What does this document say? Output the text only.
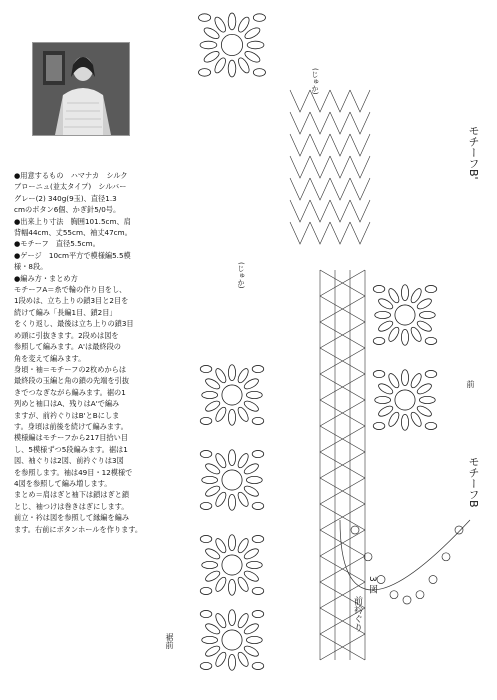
●用意するもの　ハマナカ　シルク

ブローニュ(並太タイプ)　シルバー

グレー(2) 340g(9玉)、直径1.3

cmのボタン6個、かぎ針5/0号。

●出来上り寸法　胸囲101.5cm、肩

背幅44cm、丈55cm、袖丈47cm。

●モチーフ　直径5.5cm。

●ゲージ　10cm平方で模様編5.5模

様・8段。

●編み方・まとめ方

モチーフA＝糸で輪の作り目をし、

1段めは、立ち上りの鎖3目と2目を

続けて編み「長編1目、鎖2目」

をくり返し、最後は立ち上りの鎖3目

め頭に引抜きます。2段めは図を

参照して編みます。A'は最終段の

角を変えて編みます。

身頃・袖＝モチーフの2枚めからは

最終段の玉編と角の鎖の先端を引抜

きでつなぎながら編みます。裾の1

列めと袖口はA、残りはA'で編み

ますが、前衿ぐりはB'とBにしま

す。身頃は前後を続けて編みます。

模様編はモチーフから217目拾い目

し、5模様ずつ5段編みます。裾は1

図、袖ぐりは2図、前衿ぐりは3図

を参照します。袖は49目・12模様で

4図を参照して編み増します。

まとめ＝肩はぎと袖下は鎖はぎと鎖

とじ、袖つけは巻きはぎにします。

前立・衿は図を参照して縁編を編み

ます。右前にボタンホールを作ります。

モチーフB'
前
モチーフB
3 図
前衿ぐり
裾前
(じゅか)
(じゅか)
